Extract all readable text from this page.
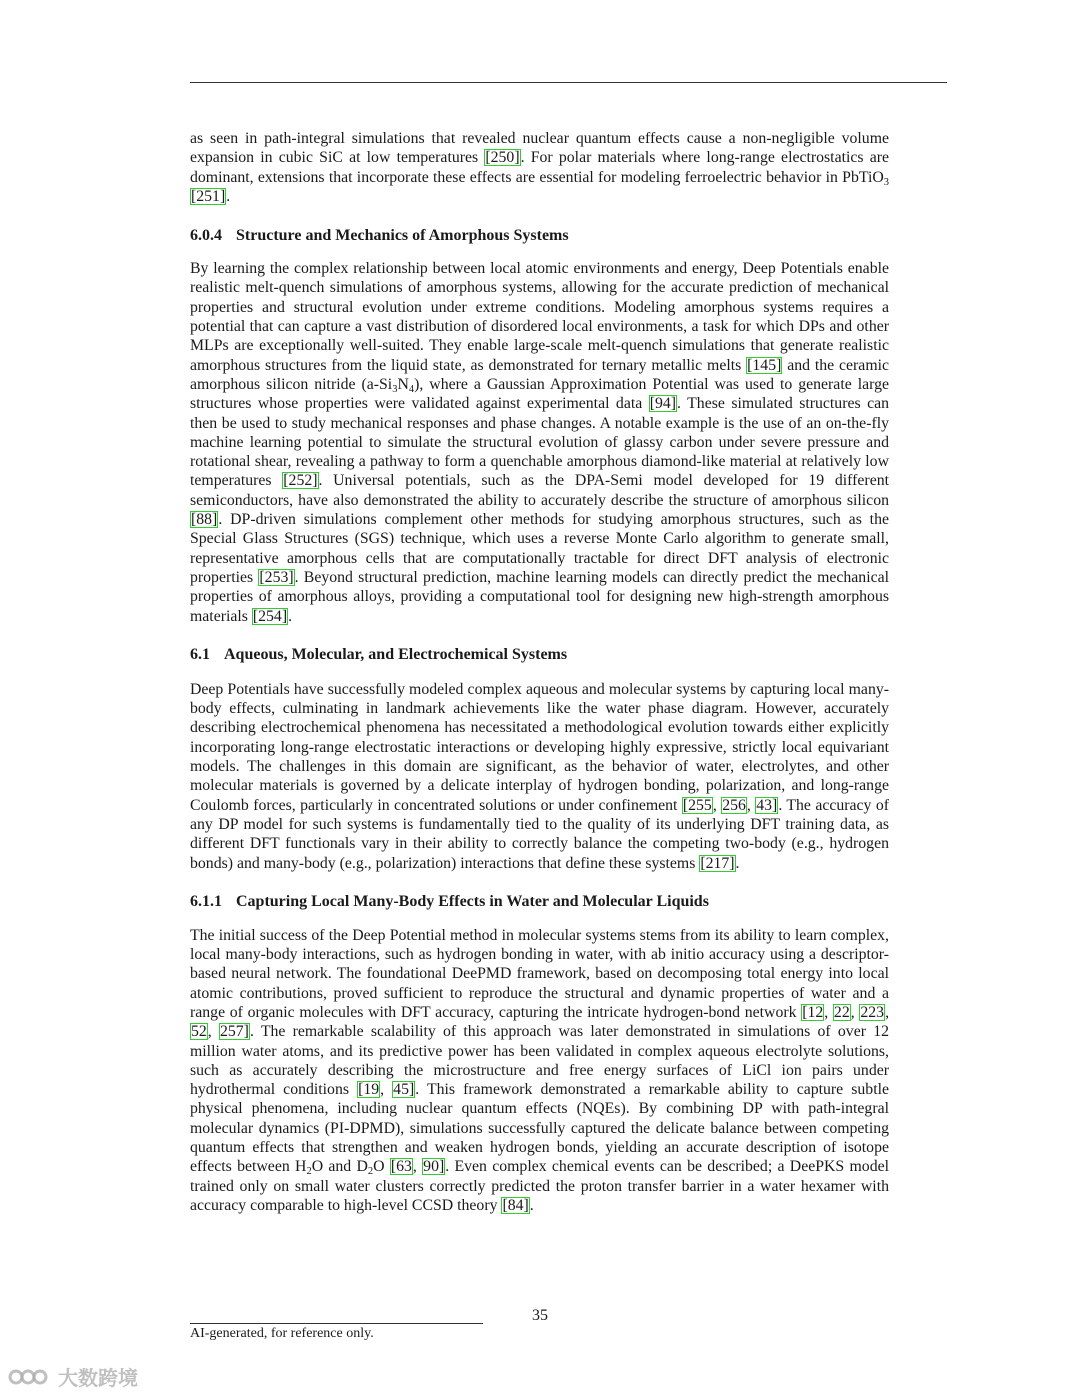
as seen in path-integral simulations that revealed nuclear quantum effects cause a non-negligible volume expansion in cubic SiC at low temperatures [250]. For polar materials where long-range electrostatics are dominant, extensions that incorporate these effects are essential for modeling ferroelectric behavior in PbTiO$_3$ [251].

6.0.4 Structure and Mechanics of Amorphous Systems

By learning the complex relationship between local atomic environments and energy, Deep Potentials enable realistic melt-quench simulations of amorphous systems, allowing for the accurate prediction of mechanical properties and structural evolution under extreme conditions. Modeling amorphous systems requires a potential that can capture a vast distribution of disordered local environments, a task for which DPs and other MLPs are exceptionally well-suited. They enable large-scale melt-quench simulations that generate realistic amorphous structures from the liquid state, as demonstrated for ternary metallic melts [145] and the ceramic amorphous silicon nitride $(a-Si_3N_4)$, where a Gaussian Approximation Potential was used to generate large structures whose properties were validated against experimental data [94]. These simulated structures can then be used to study mechanical responses and phase changes. A notable example is the use of an on-the-fly machine learning potential to simulate the structural evolution of glassy carbon under severe pressure and rotational shear, revealing a pathway to form a quenchable amorphous diamond-like material at relatively low temperatures [252]. Universal potentials, such as the DPA-Semi model developed for 19 different semiconductors, have also demonstrated the ability to accurately describe the structure of amorphous silicon [88]. DP-driven simulations complement other methods for studying amorphous structures, such as the Special Glass Structures (SGS) technique, which uses a reverse Monte Carlo algorithm to generate small, representative amorphous cells that are computationally tractable for direct DFT analysis of electronic properties [253]. Beyond structural prediction, machine learning models can directly predict the mechanical properties of amorphous alloys, providing a computational tool for designing new high-strength amorphous materials [254].

6.1 Aqueous, Molecular, and Electrochemical Systems

Deep Potentials have successfully modeled complex aqueous and molecular systems by capturing local many-body effects, culminating in landmark achievements like the water phase diagram. However, accurately describing electrochemical phenomena has necessitated a methodological evolution towards either explicitly incorporating long-range electrostatic interactions or developing highly expressive, strictly local equivariant models. The challenges in this domain are significant, as the behavior of water, electrolytes, and other molecular materials is governed by a delicate interplay of hydrogen bonding, polarization, and long-range Coulomb forces, particularly in concentrated solutions or under confinement [255, 256, 43]. The accuracy of any DP model for such systems is fundamentally tied to the quality of its underlying DFT training data, as different DFT functionals vary in their ability to correctly balance the competing two-body (e.g., hydrogen bonds) and many-body (e.g., polarization) interactions that define these systems [217].

6.1.1 Capturing Local Many-Body Effects in Water and Molecular Liquids

The initial success of the Deep Potential method in molecular systems stems from its ability to learn complex, local many-body interactions, such as hydrogen bonding in water, with ab initio accuracy using a descriptor-based neural network. The foundational DeePMD framework, based on decomposing total energy into local atomic contributions, proved sufficient to reproduce the structural and dynamic properties of water and a range of organic molecules with DFT accuracy, capturing the intricate hydrogen-bond network [12, 22, 223, 52, 257]. The remarkable scalability of this approach was later demonstrated in simulations of over 12 million water atoms, and its predictive power has been validated in complex aqueous electrolyte solutions, such as accurately describing the microstructure and free energy surfaces of LiCl ion pairs under hydrothermal conditions [19, 45]. This framework demonstrated a remarkable ability to capture subtle physical phenomena, including nuclear quantum effects (NQEs). By combining DP with path-integral molecular dynamics (PI-DPMD), simulations successfully captured the delicate balance between competing quantum effects that strengthen and weaken hydrogen bonds, yielding an accurate description of isotope effects between $H_2O$ and $D_2O$ [63, 90]. Even complex chemical events can be described; a DeePKS model trained only on small water clusters correctly predicted the proton transfer barrier in a water hexamer with accuracy comparable to high-level CCSD theory [84].

35
AI-generated, for reference only.
大数跨境
